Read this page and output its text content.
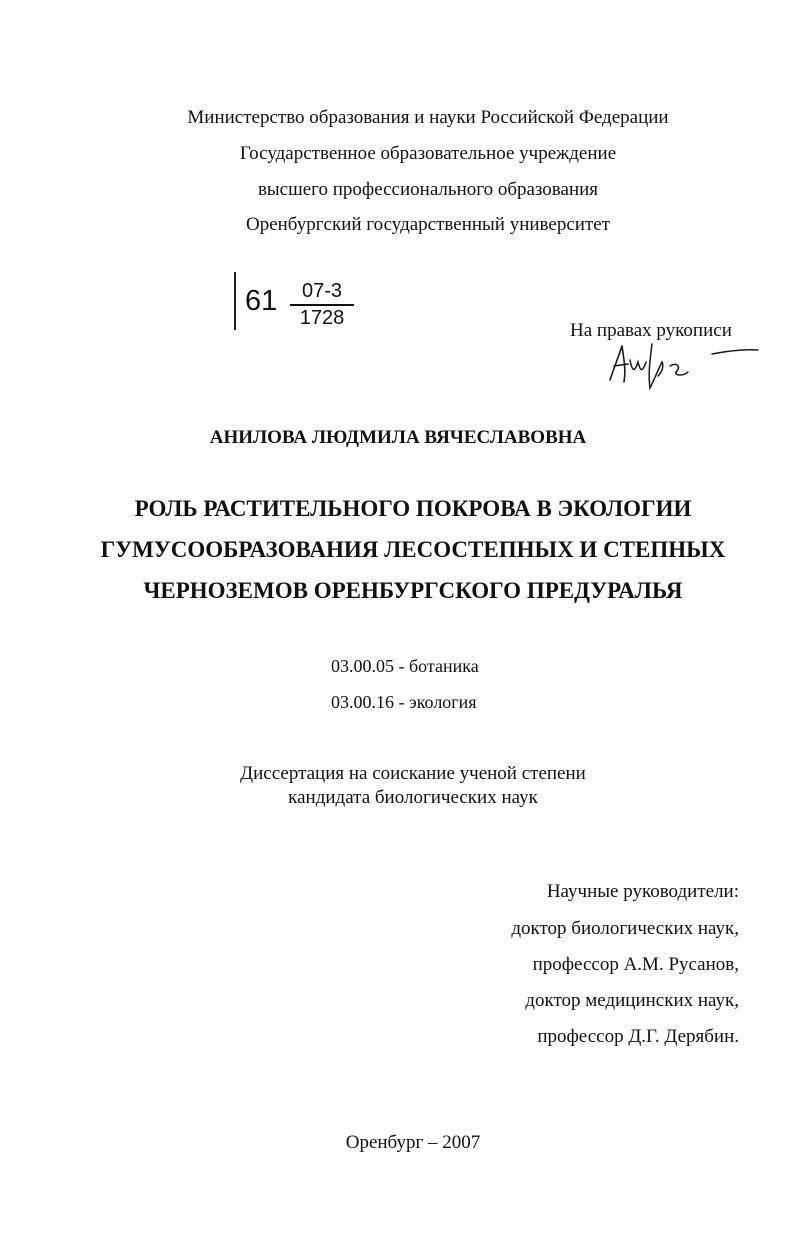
Министерство образования и науки Российской Федерации
Государственное образовательное учреждение
высшего профессионального образования
Оренбургский государственный университет
61	07-3
1728
На правах рукописи
АНИЛОВА ЛЮДМИЛА ВЯЧЕСЛАВОВНА
РОЛЬ РАСТИТЕЛЬНОГО ПОКРОВА В ЭКОЛОГИИ
ГУМУСООБРАЗОВАНИЯ ЛЕСОСТЕПНЫХ И СТЕПНЫХ
ЧЕРНОЗЕМОВ ОРЕНБУРГСКОГО ПРЕДУРАЛЬЯ
03.00.05 - ботаника
03.00.16 - экология
Диссертация на соискание ученой степени
кандидата биологических наук
Научные руководители:
доктор биологических наук,
профессор А.М. Русанов,
доктор медицинских наук,
профессор Д.Г. Дерябин.
Оренбург – 2007
